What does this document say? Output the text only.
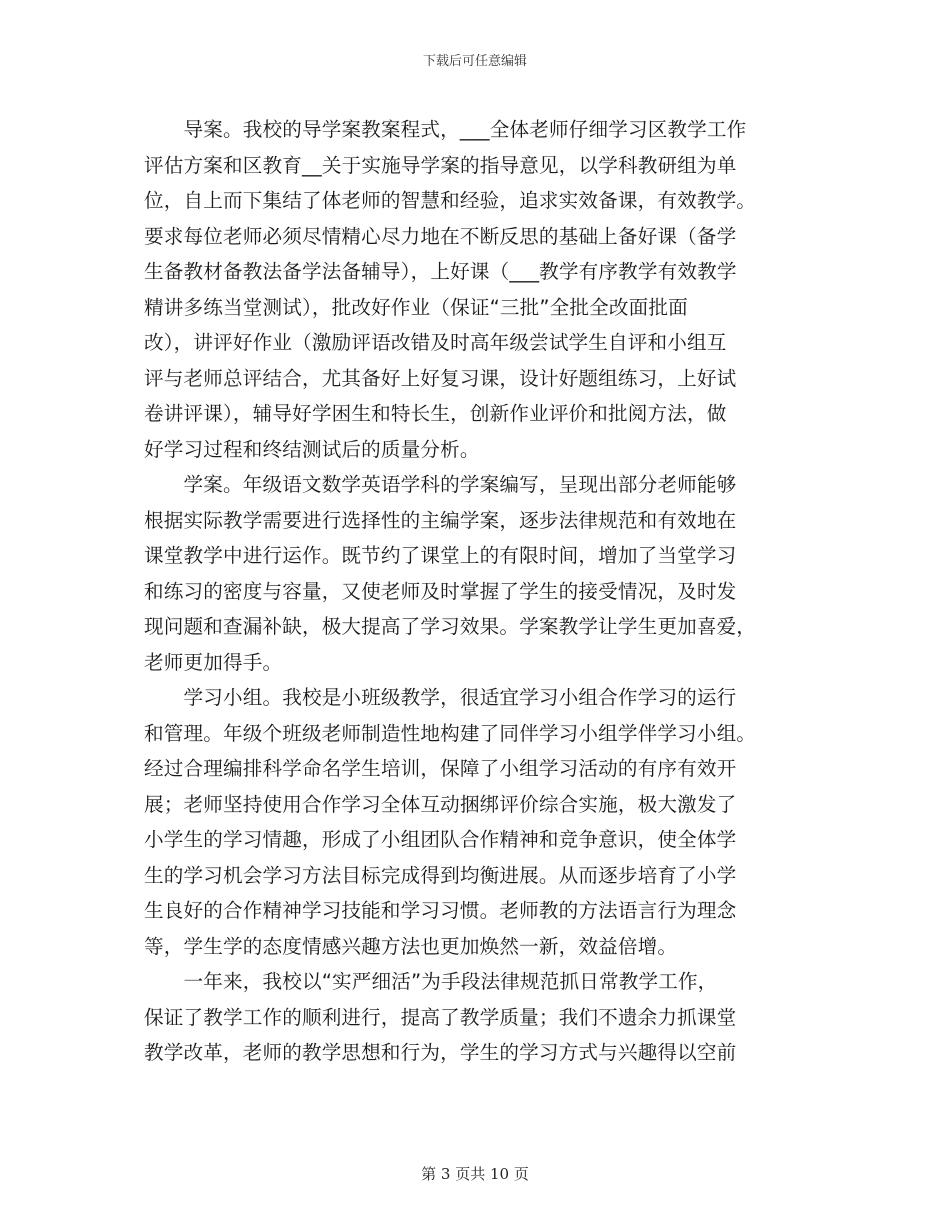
下载后可任意编辑
　　导案。我校的导学案教案程式，___全体老师仔细学习区教学工作
评估方案和区教育__关于实施导学案的指导意见，以学科教研组为单
位，自上而下集结了体老师的智慧和经验，追求实效备课，有效教学。
要求每位老师必须尽情精心尽力地在不断反思的基础上备好课（备学
生备教材备教法备学法备辅导），上好课（___教学有序教学有效教学
精讲多练当堂测试），批改好作业（保证“三批”全批全改面批面
改），讲评好作业（激励评语改错及时高年级尝试学生自评和小组互
评与老师总评结合，尤其备好上好复习课，设计好题组练习，上好试
卷讲评课），辅导好学困生和特长生，创新作业评价和批阅方法，做
好学习过程和终结测试后的质量分析。
　　学案。年级语文数学英语学科的学案编写，呈现出部分老师能够
根据实际教学需要进行选择性的主编学案，逐步法律规范和有效地在
课堂教学中进行运作。既节约了课堂上的有限时间，增加了当堂学习
和练习的密度与容量，又使老师及时掌握了学生的接受情况，及时发
现问题和查漏补缺，极大提高了学习效果。学案教学让学生更加喜爱，
老师更加得手。
　　学习小组。我校是小班级教学，很适宜学习小组合作学习的运行
和管理。年级个班级老师制造性地构建了同伴学习小组学伴学习小组。
经过合理编排科学命名学生培训，保障了小组学习活动的有序有效开
展；老师坚持使用合作学习全体互动捆绑评价综合实施，极大激发了
小学生的学习情趣，形成了小组团队合作精神和竞争意识，使全体学
生的学习机会学习方法目标完成得到均衡进展。从而逐步培育了小学
生良好的合作精神学习技能和学习习惯。老师教的方法语言行为理念
等，学生学的态度情感兴趣方法也更加焕然一新，效益倍增。
　　一年来，我校以“实严细活”为手段法律规范抓日常教学工作，
保证了教学工作的顺利进行，提高了教学质量；我们不遗余力抓课堂
教学改革，老师的教学思想和行为，学生的学习方式与兴趣得以空前
第 3 页共 10 页
